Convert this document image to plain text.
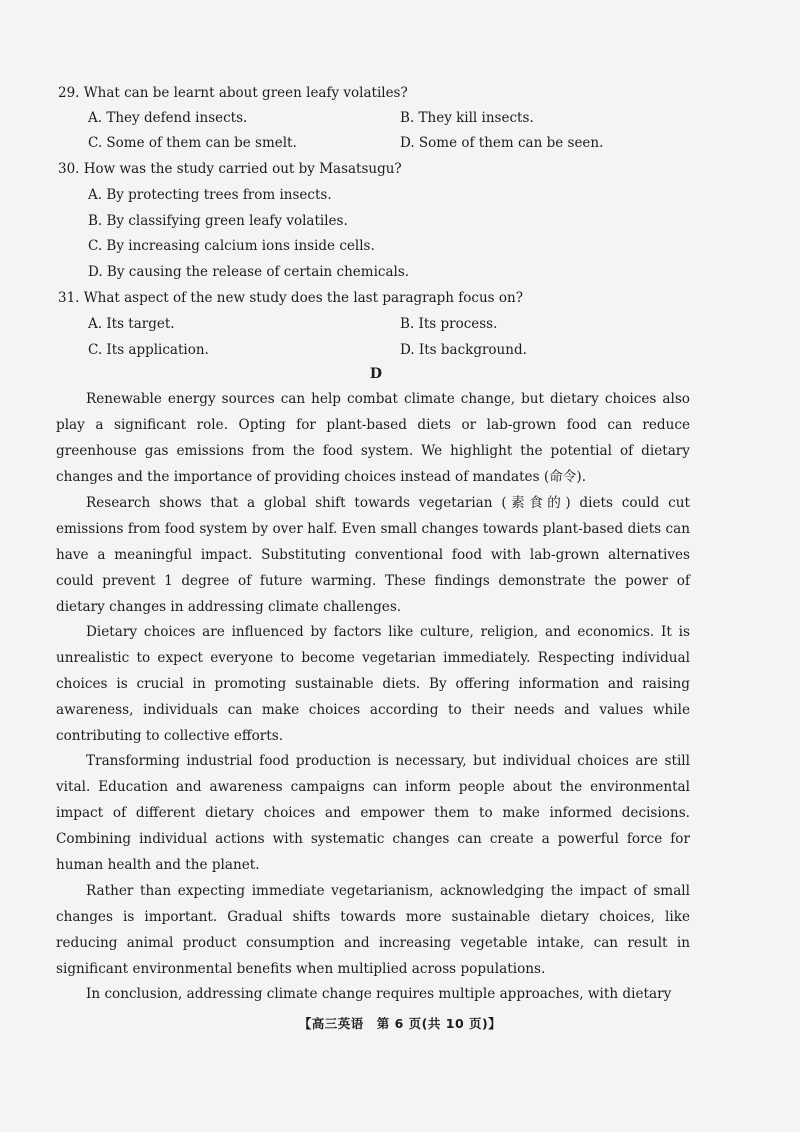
29. What can be learnt about green leafy volatiles?
A. They defend insects.	B. They kill insects.
C. Some of them can be smelt.	D. Some of them can be seen.
30. How was the study carried out by Masatsugu?
A. By protecting trees from insects.
B. By classifying green leafy volatiles.
C. By increasing calcium ions inside cells.
D. By causing the release of certain chemicals.
31. What aspect of the new study does the last paragraph focus on?
A. Its target.	B. Its process.
C. Its application.	D. Its background.
D

Renewable energy sources can help combat climate change, but dietary choices also play a significant role. Opting for plant-based diets or lab-grown food can reduce greenhouse gas emissions from the food system. We highlight the potential of dietary changes and the importance of providing choices instead of mandates (命令).

Research shows that a global shift towards vegetarian (素食的) diets could cut emissions from food system by over half. Even small changes towards plant-based diets can have a meaningful impact. Substituting conventional food with lab-grown alternatives could prevent 1 degree of future warming. These findings demonstrate the power of dietary changes in addressing climate challenges.

Dietary choices are influenced by factors like culture, religion, and economics. It is unrealistic to expect everyone to become vegetarian immediately. Respecting individual choices is crucial in promoting sustainable diets. By offering information and raising awareness, individuals can make choices according to their needs and values while contributing to collective efforts.

Transforming industrial food production is necessary, but individual choices are still vital. Education and awareness campaigns can inform people about the environmental impact of different dietary choices and empower them to make informed decisions. Combining individual actions with systematic changes can create a powerful force for human health and the planet.

Rather than expecting immediate vegetarianism, acknowledging the impact of small changes is important. Gradual shifts towards more sustainable dietary choices, like reducing animal product consumption and increasing vegetable intake, can result in significant environmental benefits when multiplied across populations.

In conclusion, addressing climate change requires multiple approaches, with dietary

【高三英语　第 6 页(共 10 页)】
